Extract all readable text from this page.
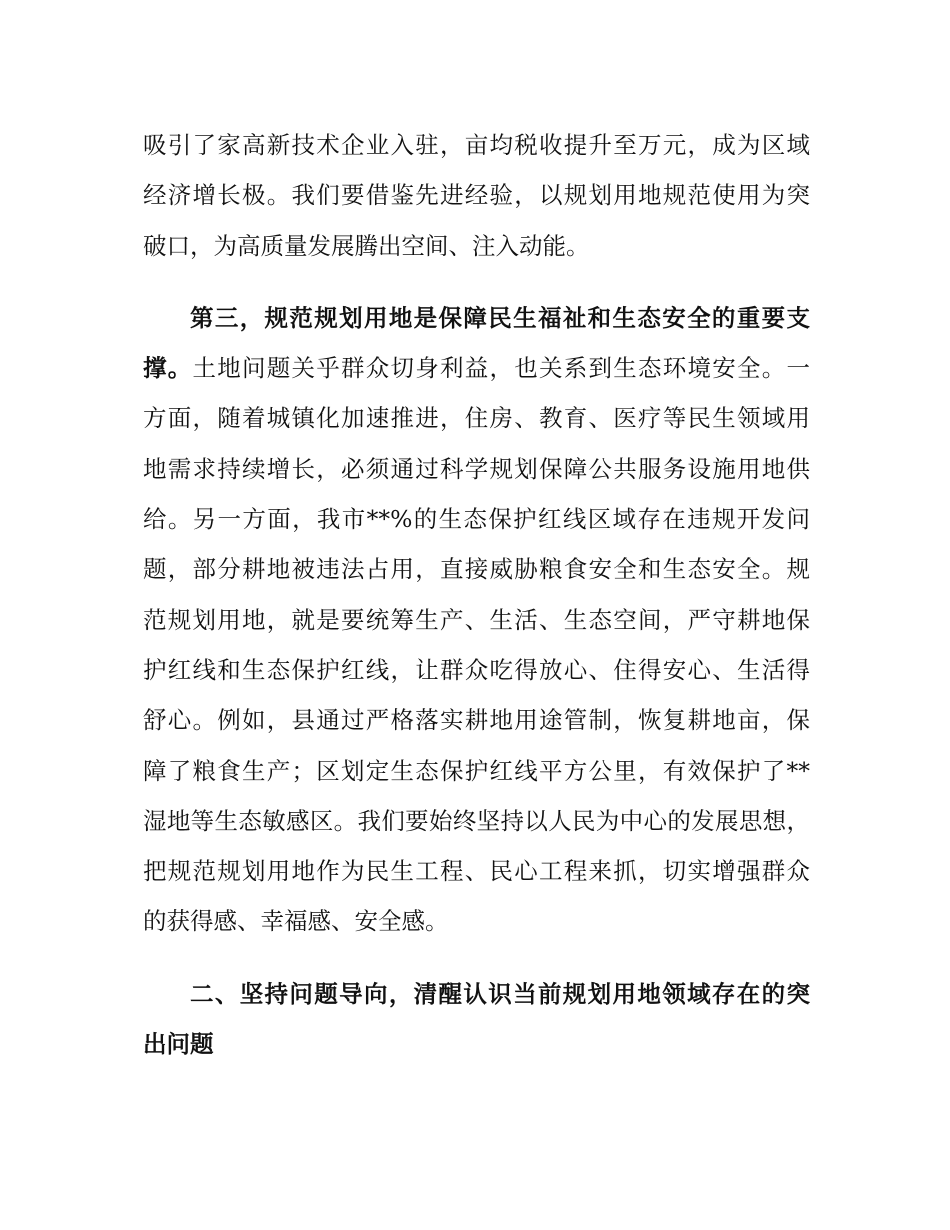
吸引了家高新技术企业入驻，亩均税收提升至万元，成为区域
经济增长极。我们要借鉴先进经验，以规划用地规范使用为突
破口，为高质量发展腾出空间、注入动能。
第三，规范规划用地是保障民生福祉和生态安全的重要支
撑。土地问题关乎群众切身利益，也关系到生态环境安全。一
方面，随着城镇化加速推进，住房、教育、医疗等民生领域用
地需求持续增长，必须通过科学规划保障公共服务设施用地供
给。另一方面，我市**%的生态保护红线区域存在违规开发问
题，部分耕地被违法占用，直接威胁粮食安全和生态安全。规
范规划用地，就是要统筹生产、生活、生态空间，严守耕地保
护红线和生态保护红线，让群众吃得放心、住得安心、生活得
舒心。例如，县通过严格落实耕地用途管制，恢复耕地亩，保
障了粮食生产；区划定生态保护红线平方公里，有效保护了**
湿地等生态敏感区。我们要始终坚持以人民为中心的发展思想，
把规范规划用地作为民生工程、民心工程来抓，切实增强群众
的获得感、幸福感、安全感。
二、坚持问题导向，清醒认识当前规划用地领域存在的突
出问题
